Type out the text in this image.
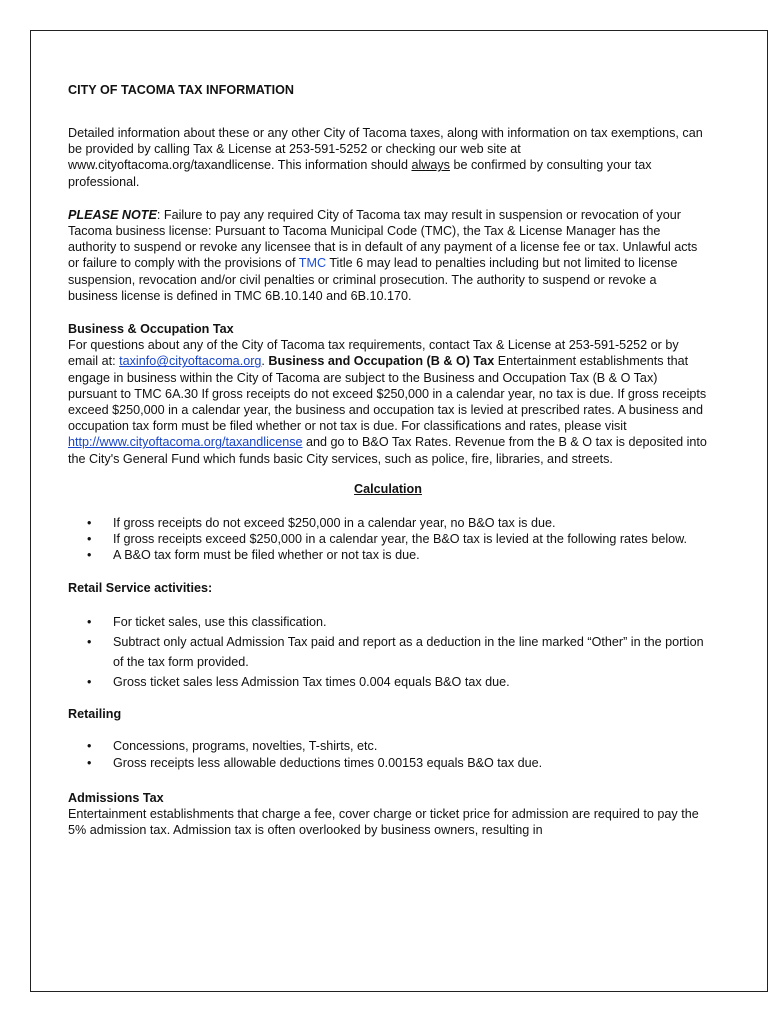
CITY OF TACOMA TAX INFORMATION

Detailed information about these or any other City of Tacoma taxes, along with information on tax exemptions, can be provided by calling Tax & License at 253-591-5252 or checking our web site at www.cityoftacoma.org/taxandlicense. This information should always be confirmed by consulting your tax professional.

PLEASE NOTE: Failure to pay any required City of Tacoma tax may result in suspension or revocation of your Tacoma business license: Pursuant to Tacoma Municipal Code (TMC), the Tax & License Manager has the authority to suspend or revoke any licensee that is in default of any payment of a license fee or tax. Unlawful acts or failure to comply with the provisions of TMC Title 6 may lead to penalties including but not limited to license suspension, revocation and/or civil penalties or criminal prosecution. The authority to suspend or revoke a business license is defined in TMC 6B.10.140 and 6B.10.170.

Business & Occupation Tax

For questions about any of the City of Tacoma tax requirements, contact Tax & License at 253-591-5252 or by email at: taxinfo@cityoftacoma.org. Business and Occupation (B & O) Tax Entertainment establishments that engage in business within the City of Tacoma are subject to the Business and Occupation Tax (B & O Tax) pursuant to TMC 6A.30 If gross receipts do not exceed $250,000 in a calendar year, no tax is due. If gross receipts exceed $250,000 in a calendar year, the business and occupation tax is levied at prescribed rates. A business and occupation tax form must be filed whether or not tax is due. For classifications and rates, please visit http://www.cityoftacoma.org/taxandlicense and go to B&O Tax Rates. Revenue from the B & O tax is deposited into the City's General Fund which funds basic City services, such as police, fire, libraries, and streets.

Calculation

• If gross receipts do not exceed $250,000 in a calendar year, no B&O tax is due.
• If gross receipts exceed $250,000 in a calendar year, the B&O tax is levied at the following rates below.
• A B&O tax form must be filed whether or not tax is due.

Retail Service activities:

• For ticket sales, use this classification.
• Subtract only actual Admission Tax paid and report as a deduction in the line marked “Other” in the portion of the tax form provided.
• Gross ticket sales less Admission Tax times 0.004 equals B&O tax due.

Retailing

• Concessions, programs, novelties, T-shirts, etc.
• Gross receipts less allowable deductions times 0.00153 equals B&O tax due.

Admissions Tax

Entertainment establishments that charge a fee, cover charge or ticket price for admission are required to pay the 5% admission tax. Admission tax is often overlooked by business owners, resulting in
